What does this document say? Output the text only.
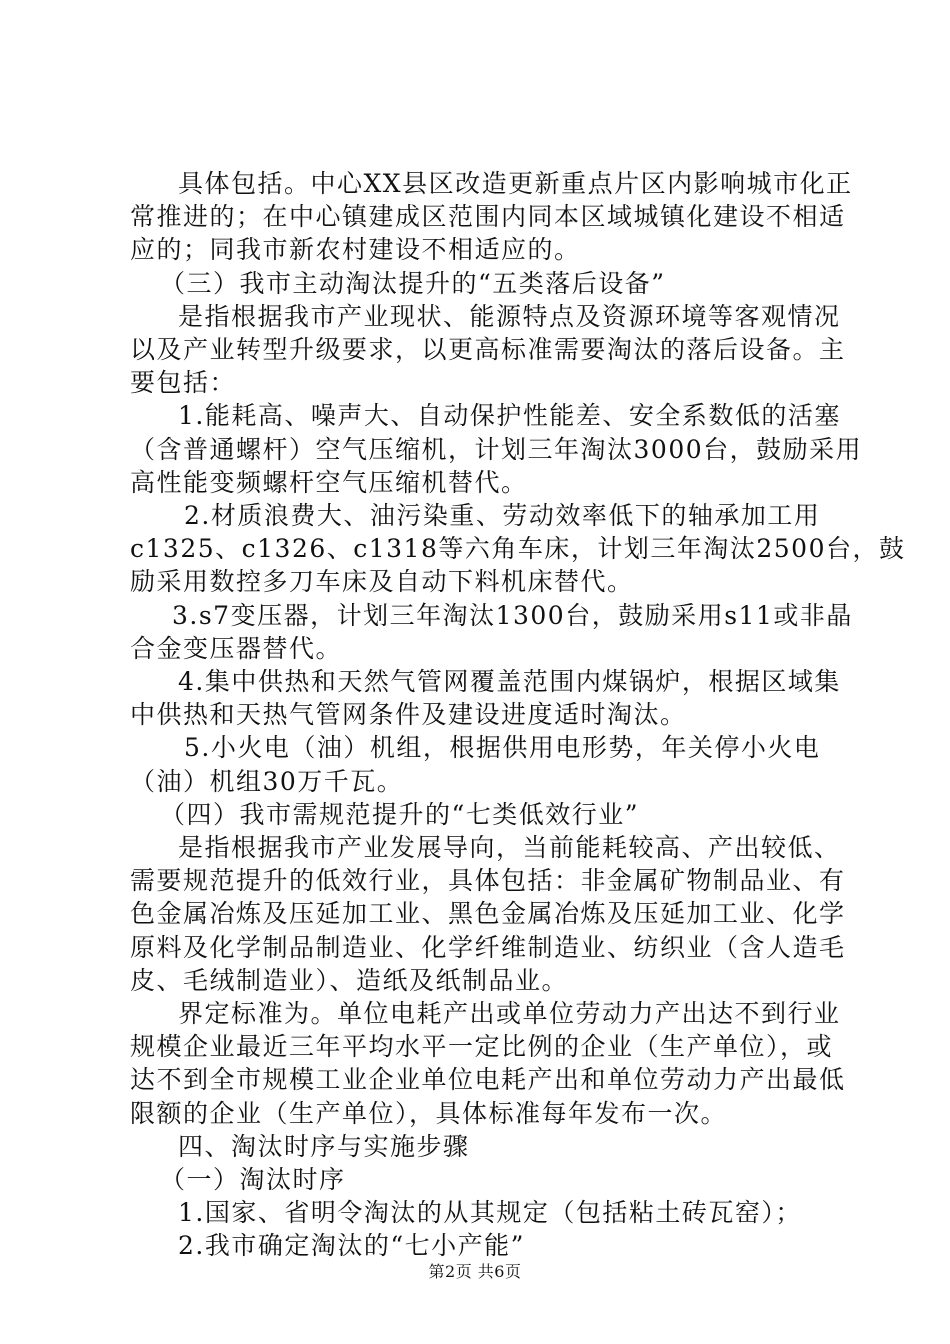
具体包括。中心XX县区改造更新重点片区内影响城市化正
常推进的；在中心镇建成区范围内同本区域城镇化建设不相适
应的；同我市新农村建设不相适应的。
（三）我市主动淘汰提升的“五类落后设备”
是指根据我市产业现状、能源特点及资源环境等客观情况
以及产业转型升级要求，以更高标准需要淘汰的落后设备。主
要包括：
1.能耗高、噪声大、自动保护性能差、安全系数低的活塞
（含普通螺杆）空气压缩机，计划三年淘汰3000台，鼓励采用
高性能变频螺杆空气压缩机替代。
2.材质浪费大、油污染重、劳动效率低下的轴承加工用
c1325、c1326、c1318等六角车床，计划三年淘汰2500台，鼓
励采用数控多刀车床及自动下料机床替代。
3.s7变压器，计划三年淘汰1300台，鼓励采用s11或非晶
合金变压器替代。
4.集中供热和天然气管网覆盖范围内煤锅炉，根据区域集
中供热和天热气管网条件及建设进度适时淘汰。
5.小火电（油）机组，根据供用电形势，年关停小火电
（油）机组30万千瓦。
（四）我市需规范提升的“七类低效行业”
是指根据我市产业发展导向，当前能耗较高、产出较低、
需要规范提升的低效行业，具体包括：非金属矿物制品业、有
色金属冶炼及压延加工业、黑色金属冶炼及压延加工业、化学
原料及化学制品制造业、化学纤维制造业、纺织业（含人造毛
皮、毛绒制造业）、造纸及纸制品业。
界定标准为。单位电耗产出或单位劳动力产出达不到行业
规模企业最近三年平均水平一定比例的企业（生产单位），或
达不到全市规模工业企业单位电耗产出和单位劳动力产出最低
限额的企业（生产单位），具体标准每年发布一次。
四、淘汰时序与实施步骤
（一）淘汰时序
1.国家、省明令淘汰的从其规定（包括粘土砖瓦窑）；
2.我市确定淘汰的“七小产能”
第2页 共6页
